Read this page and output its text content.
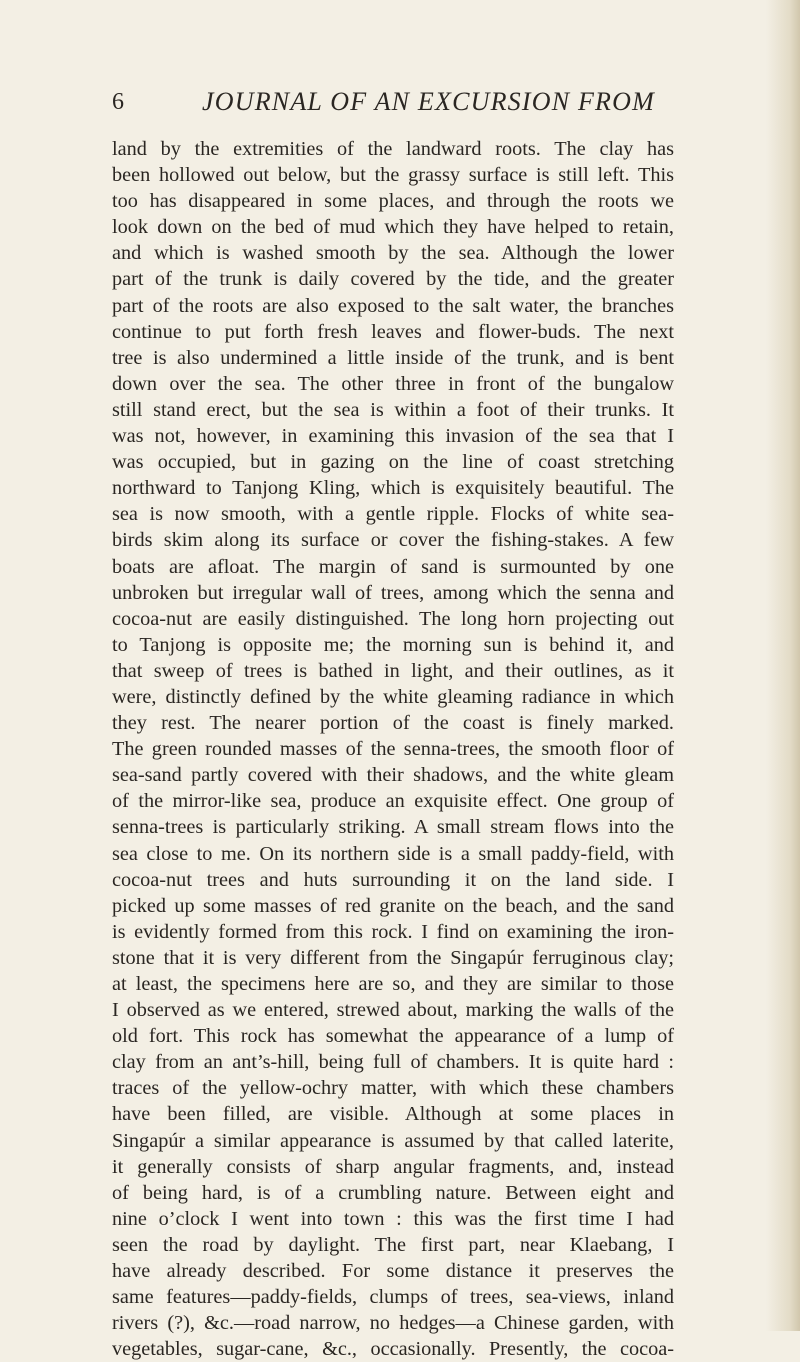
6	JOURNAL OF AN EXCURSION FROM
land by the extremities of the landward roots. The clay has
been hollowed out below, but the grassy surface is still left. This
too has disappeared in some places, and through the roots we
look down on the bed of mud which they have helped to retain,
and which is washed smooth by the sea. Although the lower
part of the trunk is daily covered by the tide, and the greater
part of the roots are also exposed to the salt water, the branches
continue to put forth fresh leaves and flower-buds. The next
tree is also undermined a little inside of the trunk, and is bent
down over the sea. The other three in front of the bungalow
still stand erect, but the sea is within a foot of their trunks. It
was not, however, in examining this invasion of the sea that I
was occupied, but in gazing on the line of coast stretching
northward to Tanjong Kling, which is exquisitely beautiful. The
sea is now smooth, with a gentle ripple. Flocks of white sea-
birds skim along its surface or cover the fishing-stakes. A few
boats are afloat. The margin of sand is surmounted by one
unbroken but irregular wall of trees, among which the senna and
cocoa-nut are easily distinguished. The long horn projecting out
to Tanjong is opposite me; the morning sun is behind it, and
that sweep of trees is bathed in light, and their outlines, as it
were, distinctly defined by the white gleaming radiance in which
they rest. The nearer portion of the coast is finely marked.
The green rounded masses of the senna-trees, the smooth floor of
sea-sand partly covered with their shadows, and the white gleam
of the mirror-like sea, produce an exquisite effect. One group of
senna-trees is particularly striking. A small stream flows into the
sea close to me. On its northern side is a small paddy-field, with
cocoa-nut trees and huts surrounding it on the land side. I
picked up some masses of red granite on the beach, and the sand
is evidently formed from this rock. I find on examining the iron-
stone that it is very different from the Singapúr ferruginous clay;
at least, the specimens here are so, and they are similar to those
I observed as we entered, strewed about, marking the walls of the
old fort. This rock has somewhat the appearance of a lump of
clay from an ant’s-hill, being full of chambers. It is quite hard :
traces of the yellow-ochry matter, with which these chambers
have been filled, are visible. Although at some places in
Singapúr a similar appearance is assumed by that called laterite,
it generally consists of sharp angular fragments, and, instead
of being hard, is of a crumbling nature. Between eight and
nine o’clock I went into town : this was the first time I had
seen the road by daylight. The first part, near Klaebang, I
have already described. For some distance it preserves the
same features—paddy-fields, clumps of trees, sea-views, inland
rivers (?), &c.—road narrow, no hedges—a Chinese garden, with
vegetables, sugar-cane, &c., occasionally. Presently, the cocoa-
